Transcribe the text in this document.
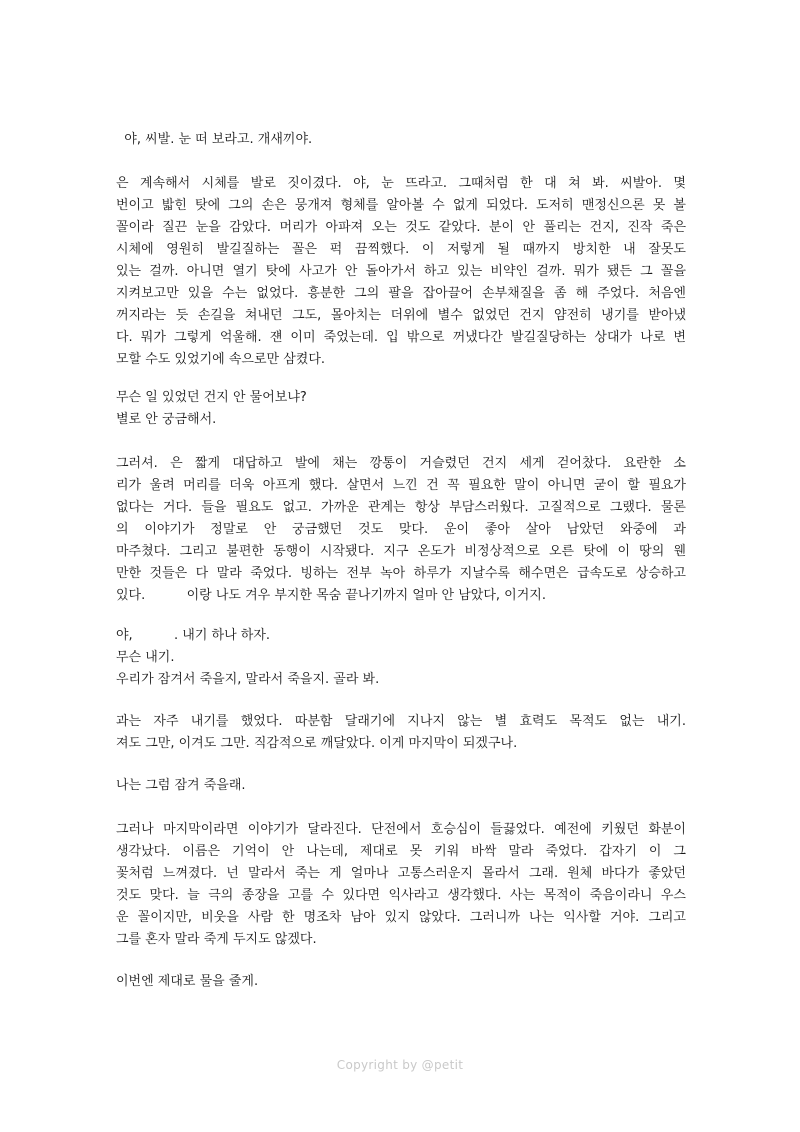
야, 씨발. 눈 떠 보라고. 개새끼야.
은 계속해서 시체를 발로 짓이겼다. 야, 눈 뜨라고. 그때처럼 한 대 쳐 봐. 씨발아. 몇
번이고 밟힌 탓에 그의 손은 뭉개져 형체를 알아볼 수 없게 되었다. 도저히 맨정신으론 못 볼
꼴이라 질끈 눈을 감았다. 머리가 아파져 오는 것도 같았다. 분이 안 풀리는 건지, 진작 죽은
시체에 영원히 발길질하는 꼴은 퍽 끔찍했다. 이 저렇게 될 때까지 방치한 내 잘못도
있는 걸까. 아니면 열기 탓에 사고가 안 돌아가서 하고 있는 비약인 걸까. 뭐가 됐든 그 꼴을
지켜보고만 있을 수는 없었다. 흥분한 그의 팔을 잡아끌어 손부채질을 좀 해 주었다. 처음엔
꺼지라는 듯 손길을 쳐내던 그도, 몰아치는 더위에 별수 없었던 건지 얌전히 냉기를 받아냈
다. 뭐가 그렇게 억울해. 쟨 이미 죽었는데. 입 밖으로 꺼냈다간 발길질당하는 상대가 나로 변
모할 수도 있었기에 속으로만 삼켰다.
무슨 일 있었던 건지 안 물어보냐?
별로 안 궁금해서.
그러셔. 은 짧게 대답하고 발에 채는 깡통이 거슬렸던 건지 세게 걷어찼다. 요란한 소
리가 울려 머리를 더욱 아프게 했다. 살면서 느낀 건 꼭 필요한 말이 아니면 굳이 할 필요가
없다는 거다. 들을 필요도 없고. 가까운 관계는 항상 부담스러웠다. 고질적으로 그랬다. 물론
의 이야기가 정말로 안 궁금했던 것도 맞다. 운이 좋아 살아 남았던 와중에 과
마주쳤다. 그리고 불편한 동행이 시작됐다. 지구 온도가 비정상적으로 오른 탓에 이 땅의 웬
만한 것들은 다 말라 죽었다. 빙하는 전부 녹아 하루가 지날수록 해수면은 급속도로 상승하고
있다.          이랑 나도 겨우 부지한 목숨 끝나기까지 얼마 안 남았다, 이거지.
야,          . 내기 하나 하자.
무슨 내기.
우리가 잠겨서 죽을지, 말라서 죽을지. 골라 봐.
과는 자주 내기를 했었다. 따분함 달래기에 지나지 않는 별 효력도 목적도 없는 내기.
져도 그만, 이겨도 그만. 직감적으로 깨달았다. 이게 마지막이 되겠구나.
나는 그럼 잠겨 죽을래.
그러나 마지막이라면 이야기가 달라진다. 단전에서 호승심이 들끓었다. 예전에 키웠던 화분이
생각났다. 이름은 기억이 안 나는데, 제대로 못 키워 바싹 말라 죽었다. 갑자기 이 그
꽃처럼 느껴졌다. 넌 말라서 죽는 게 얼마나 고통스러운지 몰라서 그래. 원체 바다가 좋았던
것도 맞다. 늘 극의 종장을 고를 수 있다면 익사라고 생각했다. 사는 목적이 죽음이라니 우스
운 꼴이지만, 비웃을 사람 한 명조차 남아 있지 않았다. 그러니까 나는 익사할 거야. 그리고
그를 혼자 말라 죽게 두지도 않겠다.
이번엔 제대로 물을 줄게.
Copyright by @petit
